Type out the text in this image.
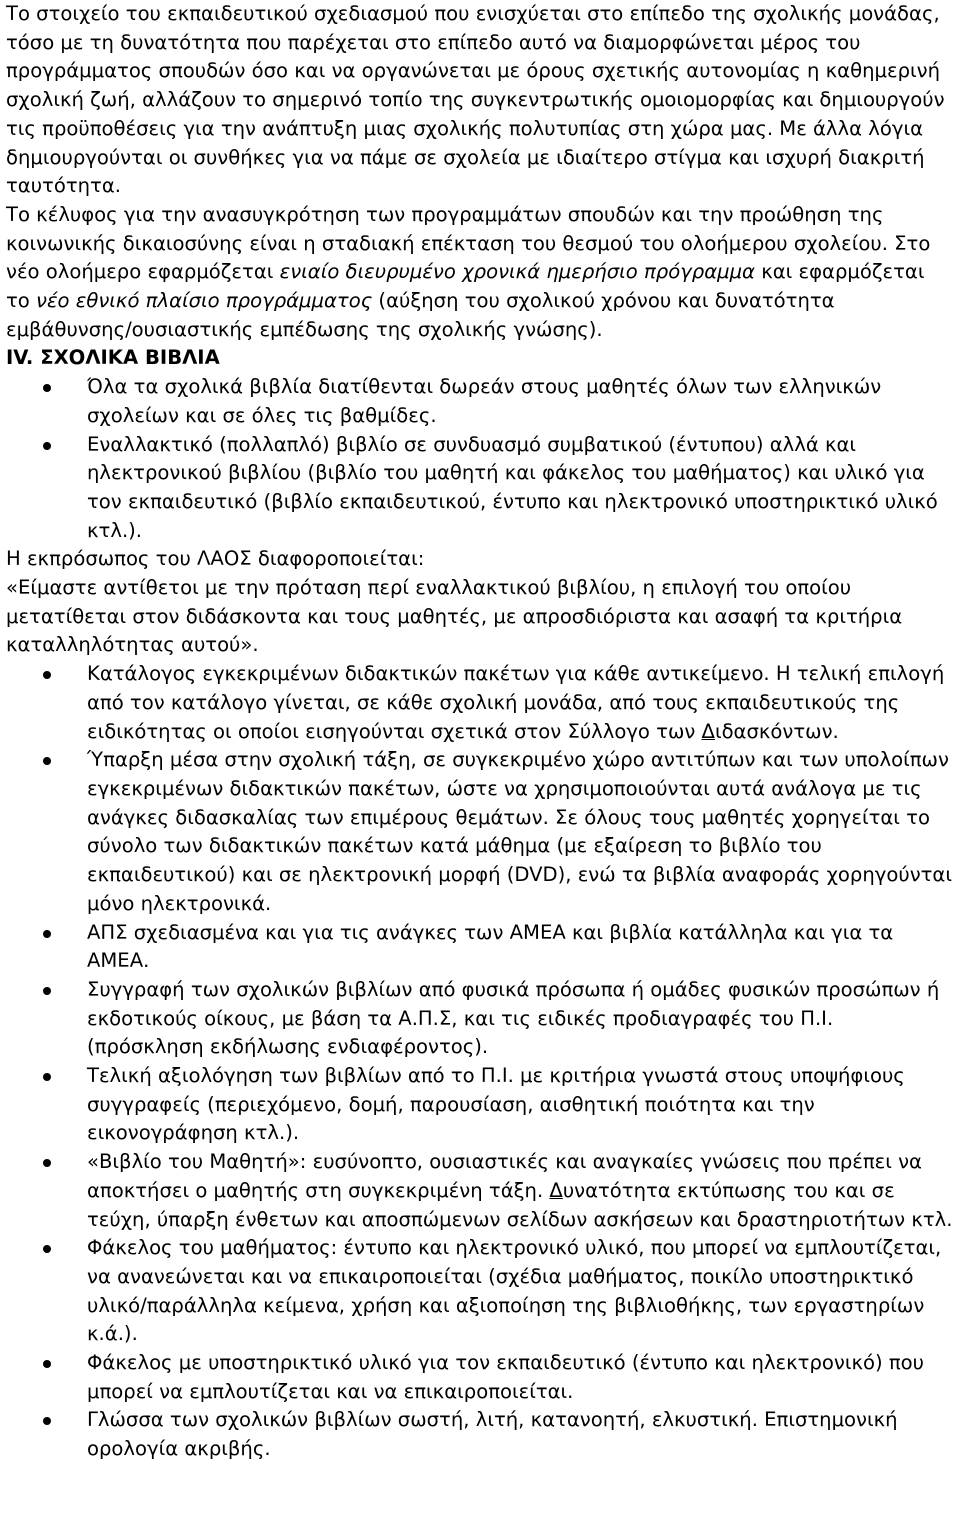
Το στοιχείο του εκπαιδευτικού σχεδιασμού που ενισχύεται στο επίπεδο της σχολικής μονάδας, τόσο με τη δυνατότητα που παρέχεται στο επίπεδο αυτό να διαμορφώνεται μέρος του προγράμματος σπουδών όσο και να οργανώνεται με όρους σχετικής αυτονομίας η καθημερινή σχολική ζωή, αλλάζουν το σημερινό τοπίο της συγκεντρωτικής ομοιομορφίας και δημιουργούν τις προϋποθέσεις για την ανάπτυξη μιας σχολικής πολυτυπίας στη χώρα μας. Με άλλα λόγια δημιουργούνται οι συνθήκες για να πάμε σε σχολεία με ιδιαίτερο στίγμα και ισχυρή διακριτή ταυτότητα.

Το κέλυφος για την ανασυγκρότηση των προγραμμάτων σπουδών και την προώθηση της κοινωνικής δικαιοσύνης είναι η σταδιακή επέκταση του θεσμού του ολοήμερου σχολείου. Στο νέο ολοήμερο εφαρμόζεται ενιαίο διευρυμένο χρονικά ημερήσιο πρόγραμμα και εφαρμόζεται το νέο εθνικό πλαίσιο προγράμματος (αύξηση του σχολικού χρόνου και δυνατότητα εμβάθυνσης/ουσιαστικής εμπέδωσης της σχολικής γνώσης).

IV. ΣΧΟΛΙΚΑ ΒΙΒΛΙΑ

Όλα τα σχολικά βιβλία διατίθενται δωρεάν στους μαθητές όλων των ελληνικών σχολείων και σε όλες τις βαθμίδες.
Εναλλακτικό (πολλαπλό) βιβλίο σε συνδυασμό συμβατικού (έντυπου) αλλά και ηλεκτρονικού βιβλίου (βιβλίο του μαθητή και φάκελος του μαθήματος) και υλικό για τον εκπαιδευτικό (βιβλίο εκπαιδευτικού, έντυπο και ηλεκτρονικό υποστηρικτικό υλικό κτλ.).

Η εκπρόσωπος του ΛΑΟΣ διαφοροποιείται:

«Είμαστε αντίθετοι με την πρόταση περί εναλλακτικού βιβλίου, η επιλογή του οποίου μετατίθεται στον διδάσκοντα και τους μαθητές, με απροσδιόριστα και ασαφή τα κριτήρια καταλληλότητας αυτού».

Κατάλογος εγκεκριμένων διδακτικών πακέτων για κάθε αντικείμενο. Η τελική επιλογή από τον κατάλογο γίνεται, σε κάθε σχολική μονάδα, από τους εκπαιδευτικούς της ειδικότητας οι οποίοι εισηγούνται σχετικά στον Σύλλογο των Διδασκόντων.
Ύπαρξη μέσα στην σχολική τάξη, σε συγκεκριμένο χώρο αντιτύπων και των υπολοίπων εγκεκριμένων διδακτικών πακέτων, ώστε να χρησιμοποιούνται αυτά ανάλογα με τις ανάγκες διδασκαλίας των επιμέρους θεμάτων. Σε όλους τους μαθητές χορηγείται το σύνολο των διδακτικών πακέτων κατά μάθημα (με εξαίρεση το βιβλίο του εκπαιδευτικού) και σε ηλεκτρονική μορφή (DVD), ενώ τα βιβλία αναφοράς χορηγούνται μόνο ηλεκτρονικά.
ΑΠΣ σχεδιασμένα και για τις ανάγκες των ΑΜΕΑ και βιβλία κατάλληλα και για τα ΑΜΕΑ.
Συγγραφή των σχολικών βιβλίων από φυσικά πρόσωπα ή ομάδες φυσικών προσώπων ή εκδοτικούς οίκους, με βάση τα Α.Π.Σ, και τις ειδικές προδιαγραφές του Π.Ι. (πρόσκληση εκδήλωσης ενδιαφέροντος).
Τελική αξιολόγηση των βιβλίων από το Π.Ι. με κριτήρια γνωστά στους υποψήφιους συγγραφείς (περιεχόμενο, δομή, παρουσίαση, αισθητική ποιότητα και την εικονογράφηση κτλ.).
«Βιβλίο του Μαθητή»: ευσύνοπτο, ουσιαστικές και αναγκαίες γνώσεις που πρέπει να αποκτήσει ο μαθητής στη συγκεκριμένη τάξη. Δυνατότητα εκτύπωσης του και σε τεύχη, ύπαρξη ένθετων και αποσπώμενων σελίδων ασκήσεων και δραστηριοτήτων κτλ.
Φάκελος του μαθήματος: έντυπο και ηλεκτρονικό υλικό, που μπορεί να εμπλουτίζεται, να ανανεώνεται και να επικαιροποιείται (σχέδια μαθήματος, ποικίλο υποστηρικτικό υλικό/παράλληλα κείμενα, χρήση και αξιοποίηση της βιβλιοθήκης, των εργαστηρίων κ.ά.).
Φάκελος με υποστηρικτικό υλικό για τον εκπαιδευτικό (έντυπο και ηλεκτρονικό) που μπορεί να εμπλουτίζεται και να επικαιροποιείται.
Γλώσσα των σχολικών βιβλίων σωστή, λιτή, κατανοητή, ελκυστική. Επιστημονική ορολογία ακριβής.
